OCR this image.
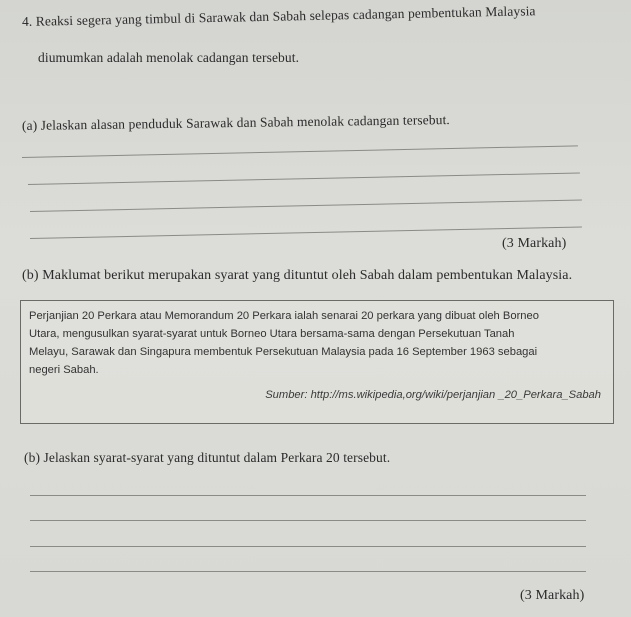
4. Reaksi segera yang timbul di Sarawak dan Sabah selepas cadangan pembentukan Malaysia
diumumkan adalah menolak cadangan tersebut.
(a) Jelaskan alasan penduduk Sarawak dan Sabah menolak cadangan tersebut.
(3 Markah)
(b) Maklumat berikut merupakan syarat yang dituntut oleh Sabah dalam pembentukan Malaysia.
Perjanjian 20 Perkara atau Memorandum 20 Perkara ialah senarai 20 perkara yang dibuat oleh Borneo
Utara, mengusulkan syarat-syarat untuk Borneo Utara bersama-sama dengan Persekutuan Tanah
Melayu, Sarawak dan Singapura membentuk Persekutuan Malaysia pada 16 September 1963 sebagai
negeri Sabah.
Sumber: http://ms.wikipedia,org/wiki/perjanjian _20_Perkara_Sabah
(b) Jelaskan syarat-syarat yang dituntut dalam Perkara 20 tersebut.
(3 Markah)
